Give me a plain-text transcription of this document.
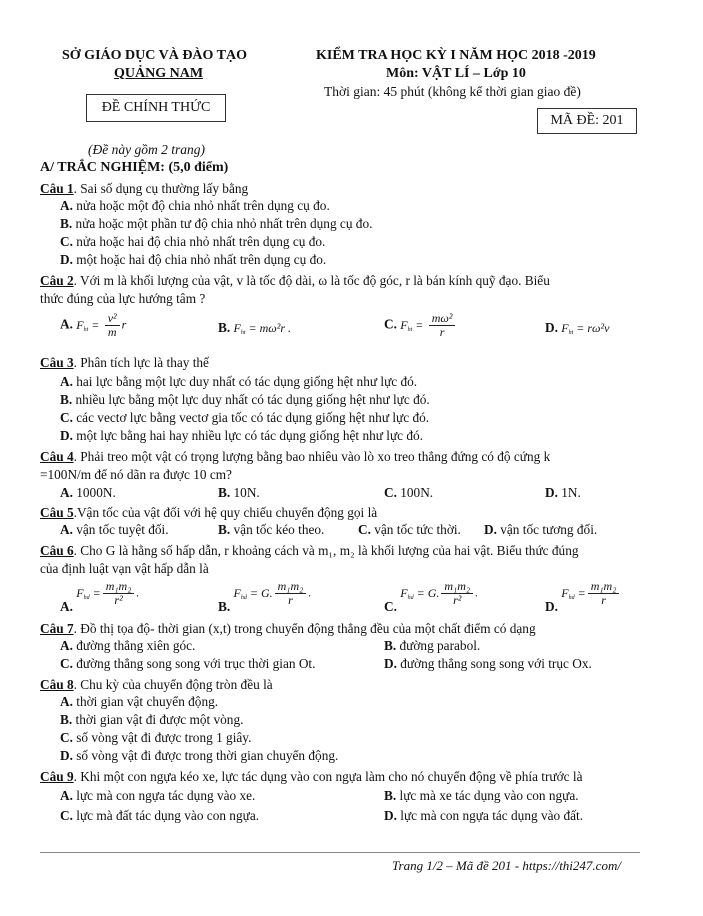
SỞ GIÁO DỤC VÀ ĐÀO TẠO
QUẢNG NAM
ĐỀ CHÍNH THỨC
(Đề này gồm 2 trang)
KIỂM TRA HỌC KỲ I NĂM HỌC 2018 -2019
Môn: VẬT LÍ – Lớp 10
Thời gian: 45 phút (không kể thời gian giao đề)
MÃ ĐỀ: 201
A/ TRẮC NGHIỆM: (5,0 điểm)
Câu 1. Sai số dụng cụ thường lấy bằng
A. nửa hoặc một độ chia nhỏ nhất trên dụng cụ đo.
B. nửa hoặc một phần tư độ chia nhỏ nhất trên dụng cụ đo.
C. nửa hoặc hai độ chia nhỏ nhất trên dụng cụ đo.
D. một hoặc hai độ chia nhỏ nhất trên dụng cụ đo.
Câu 2. Với m là khối lượng của vật, v là tốc độ dài, ω là tốc độ góc, r là bán kính quỹ đạo. Biểu
thức đúng của lực hướng tâm ?
A. $F_{ht} = \frac{\text{v²}}{m}$ r	B. $F_{ht} = m\omega^2r$ .	C. $F_{ht} = \frac{\text{mω²}}{r}$	D. $F_{ht} = r\omega^2v$
Câu 3. Phân tích lực là thay thế
A. hai lực bằng một lực duy nhất có tác dụng giống hệt như lực đó.
B. nhiều lực bằng một lực duy nhất có tác dụng giống hệt như lực đó.
C. các vectơ lực bằng vectơ gia tốc có tác dụng giống hệt như lực đó.
D. một lực bằng hai hay nhiều lực có tác dụng giống hệt như lực đó.
Câu 4. Phải treo một vật có trọng lượng bằng bao nhiêu vào lò xo treo thẳng đứng có độ cứng k
=100N/m để nó dãn ra được 10 cm?
A. 1000N.	B. 10N.	C. 100N.	D. 1N.
Câu 5.Vận tốc của vật đối với hệ quy chiếu chuyển động gọi là
A. vận tốc tuyệt đối.	B. vận tốc kéo theo.	C. vận tốc tức thời. D. vận tốc tương đối.
Câu 6. Cho G là hằng số hấp dẫn, r khoảng cách và m₁, m₂ là khối lượng của hai vật. Biểu thức đúng
của định luật vạn vật hấp dẫn là
A. $F_{hd} = \frac{\text{m₁m₂}}{\text{r²}}$ .
B. $F_{hd} = G$. $\frac{\text{m₁m₂}}{r}$ .
C. $F_{hd} = G$. $\frac{\text{m₁m₂}}{\text{r²}}$ .
D. $F_{hd} = \frac{\text{m₁m₂}}{r}$
Câu 7. Đồ thị tọa độ- thời gian (x,t) trong chuyển động thẳng đều của một chất điểm có dạng
A. đường thẳng xiên góc.	B. đường parabol.
C. đường thẳng song song với trục thời gian Ot.	D. đường thẳng song song với trục Ox.
Câu 8. Chu kỳ của chuyển động tròn đều là
A. thời gian vật chuyển động.
B. thời gian vật đi được một vòng.
C. số vòng vật đi được trong 1 giây.
D. số vòng vật đi được trong thời gian chuyển động.
Câu 9. Khi một con ngựa kéo xe, lực tác dụng vào con ngựa làm cho nó chuyển động về phía trước là
A. lực mà con ngựa tác dụng vào xe.	B. lực mà xe tác dụng vào con ngựa.
C. lực mà đất tác dụng vào con ngựa.	D. lực mà con ngựa tác dụng vào đất.
Trang 1/2 – Mã đề 201 - https://thi247.com/
